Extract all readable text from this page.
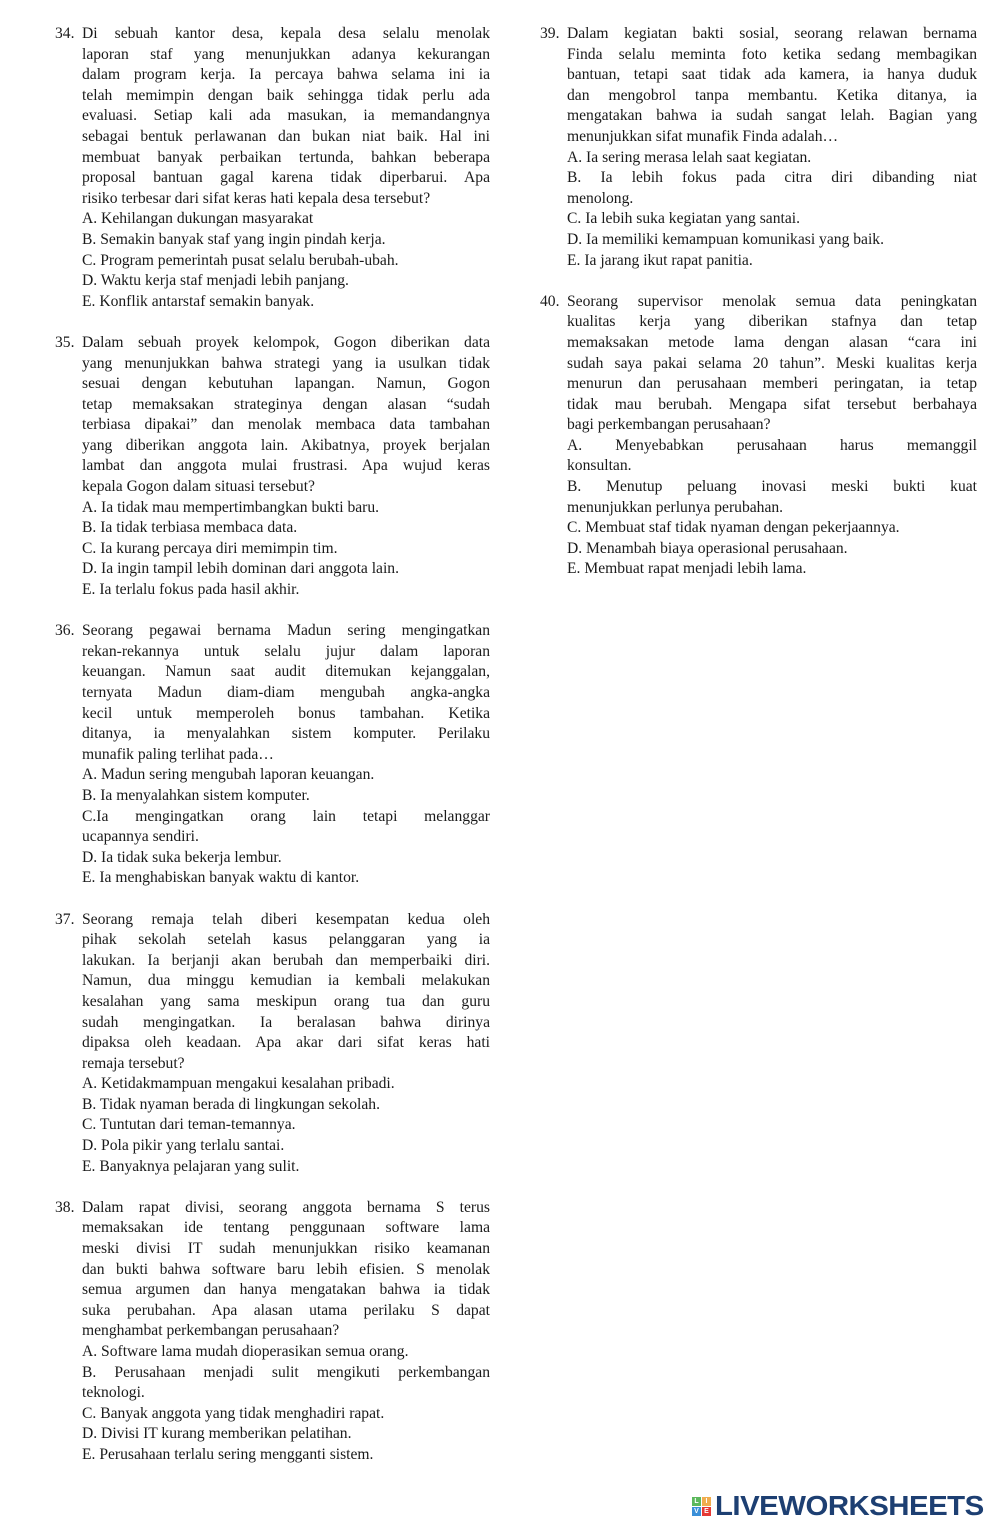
34. Di sebuah kantor desa, kepala desa selalu menolak
laporan staf yang menunjukkan adanya kekurangan
dalam program kerja. Ia percaya bahwa selama ini ia
telah memimpin dengan baik sehingga tidak perlu ada
evaluasi. Setiap kali ada masukan, ia memandangnya
sebagai bentuk perlawanan dan bukan niat baik. Hal ini
membuat banyak perbaikan tertunda, bahkan beberapa
proposal bantuan gagal karena tidak diperbarui. Apa
risiko terbesar dari sifat keras hati kepala desa tersebut?
A. Kehilangan dukungan masyarakat
B. Semakin banyak staf yang ingin pindah kerja.
C. Program pemerintah pusat selalu berubah-ubah.
D. Waktu kerja staf menjadi lebih panjang.
E. Konflik antarstaf semakin banyak.
35. Dalam sebuah proyek kelompok, Gogon diberikan data
yang menunjukkan bahwa strategi yang ia usulkan tidak
sesuai dengan kebutuhan lapangan. Namun, Gogon
tetap memaksakan strateginya dengan alasan “sudah
terbiasa dipakai” dan menolak membaca data tambahan
yang diberikan anggota lain. Akibatnya, proyek berjalan
lambat dan anggota mulai frustrasi. Apa wujud keras
kepala Gogon dalam situasi tersebut?
A. Ia tidak mau mempertimbangkan bukti baru.
B. Ia tidak terbiasa membaca data.
C. Ia kurang percaya diri memimpin tim.
D. Ia ingin tampil lebih dominan dari anggota lain.
E. Ia terlalu fokus pada hasil akhir.
36. Seorang pegawai bernama Madun sering mengingatkan
rekan-rekannya untuk selalu jujur dalam laporan
keuangan. Namun saat audit ditemukan kejanggalan,
ternyata Madun diam-diam mengubah angka-angka
kecil untuk memperoleh bonus tambahan. Ketika
ditanya, ia menyalahkan sistem komputer. Perilaku
munafik paling terlihat pada…
A. Madun sering mengubah laporan keuangan.
B. Ia menyalahkan sistem komputer.
C.Ia mengingatkan orang lain tetapi melanggar
ucapannya sendiri.
D. Ia tidak suka bekerja lembur.
E. Ia menghabiskan banyak waktu di kantor.
37. Seorang remaja telah diberi kesempatan kedua oleh
pihak sekolah setelah kasus pelanggaran yang ia
lakukan. Ia berjanji akan berubah dan memperbaiki diri.
Namun, dua minggu kemudian ia kembali melakukan
kesalahan yang sama meskipun orang tua dan guru
sudah mengingatkan. Ia beralasan bahwa dirinya
dipaksa oleh keadaan. Apa akar dari sifat keras hati
remaja tersebut?
A. Ketidakmampuan mengakui kesalahan pribadi.
B. Tidak nyaman berada di lingkungan sekolah.
C. Tuntutan dari teman-temannya.
D. Pola pikir yang terlalu santai.
E. Banyaknya pelajaran yang sulit.
38. Dalam rapat divisi, seorang anggota bernama S terus
memaksakan ide tentang penggunaan software lama
meski divisi IT sudah menunjukkan risiko keamanan
dan bukti bahwa software baru lebih efisien. S menolak
semua argumen dan hanya mengatakan bahwa ia tidak
suka perubahan. Apa alasan utama perilaku S dapat
menghambat perkembangan perusahaan?
A. Software lama mudah dioperasikan semua orang.
B. Perusahaan menjadi sulit mengikuti perkembangan
teknologi.
C. Banyak anggota yang tidak menghadiri rapat.
D. Divisi IT kurang memberikan pelatihan.
E. Perusahaan terlalu sering mengganti sistem.
39. Dalam kegiatan bakti sosial, seorang relawan bernama
Finda selalu meminta foto ketika sedang membagikan
bantuan, tetapi saat tidak ada kamera, ia hanya duduk
dan mengobrol tanpa membantu. Ketika ditanya, ia
mengatakan bahwa ia sudah sangat lelah. Bagian yang
menunjukkan sifat munafik Finda adalah…
A. Ia sering merasa lelah saat kegiatan.
B. Ia lebih fokus pada citra diri dibanding niat
menolong.
C. Ia lebih suka kegiatan yang santai.
D. Ia memiliki kemampuan komunikasi yang baik.
E. Ia jarang ikut rapat panitia.
40. Seorang supervisor menolak semua data peningkatan
kualitas kerja yang diberikan stafnya dan tetap
memaksakan metode lama dengan alasan “cara ini
sudah saya pakai selama 20 tahun”. Meski kualitas kerja
menurun dan perusahaan memberi peringatan, ia tetap
tidak mau berubah. Mengapa sifat tersebut berbahaya
bagi perkembangan perusahaan?
A. Menyebabkan perusahaan harus memanggil
konsultan.
B. Menutup peluang inovasi meski bukti kuat
menunjukkan perlunya perubahan.
C. Membuat staf tidak nyaman dengan pekerjaannya.
D. Menambah biaya operasional perusahaan.
E. Membuat rapat menjadi lebih lama.
L I
V E LIVEWORKSHEETS
